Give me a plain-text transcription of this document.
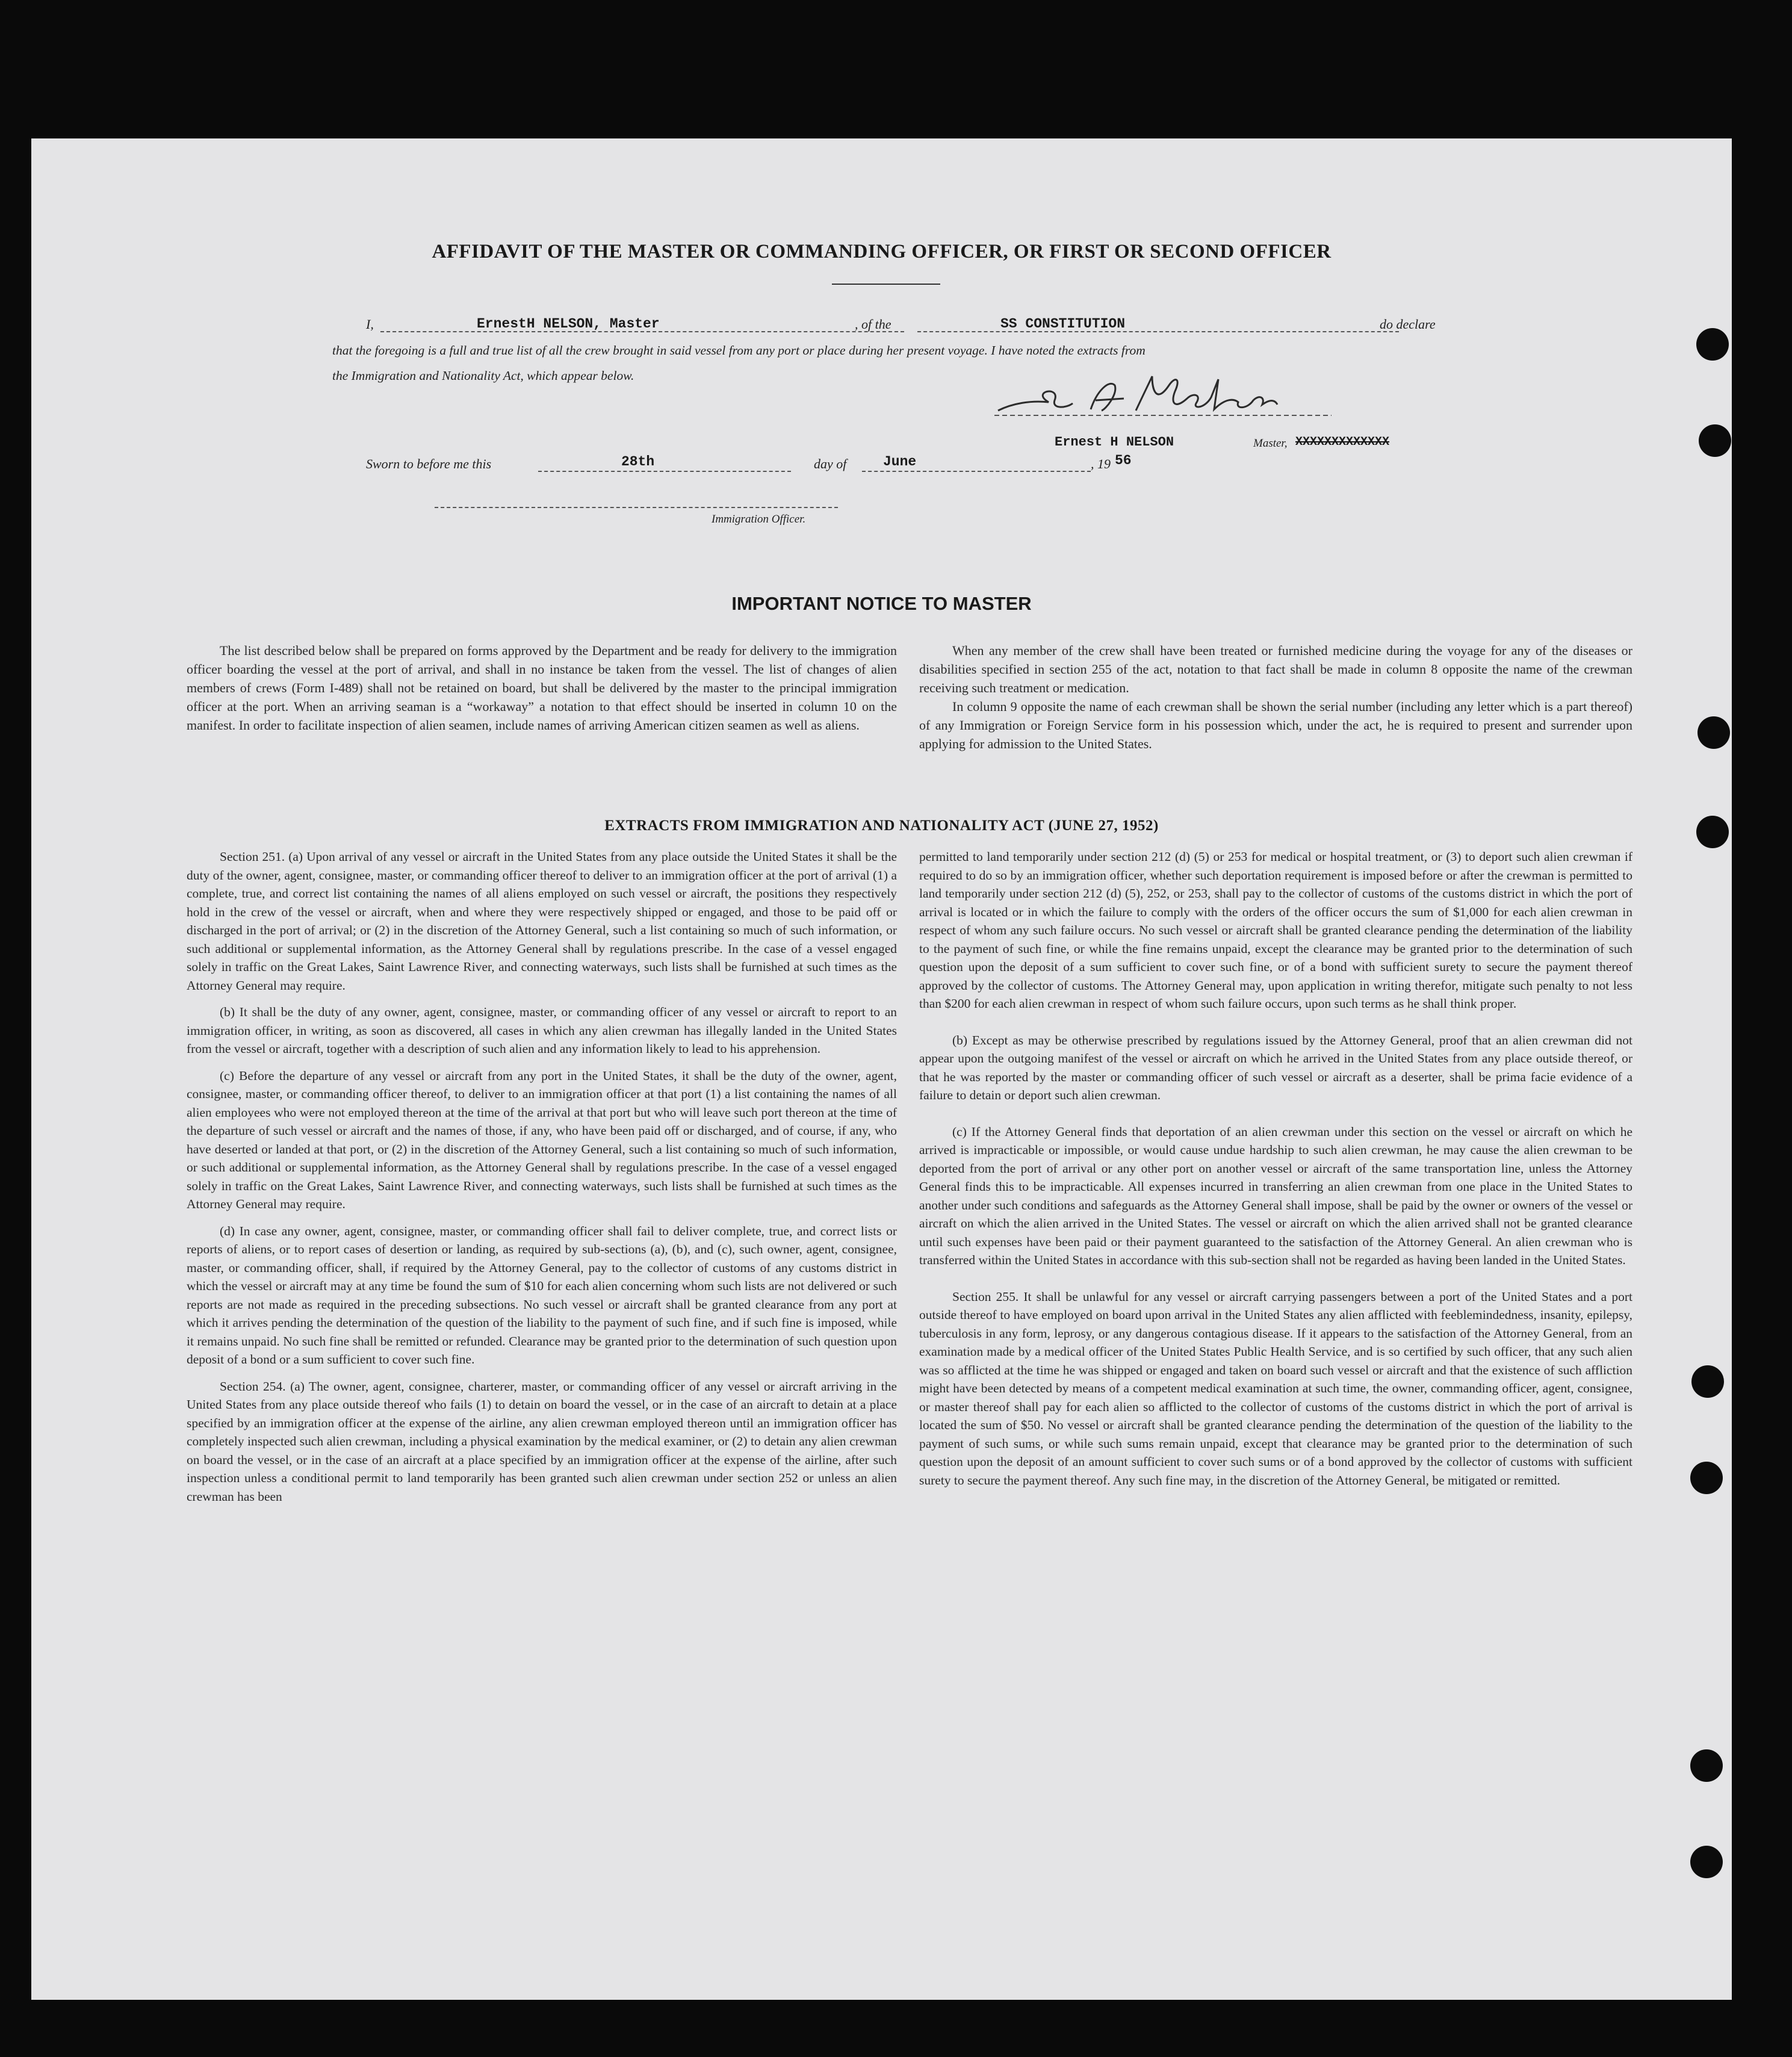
AFFIDAVIT OF THE MASTER OR COMMANDING OFFICER, OR FIRST OR SECOND OFFICER
I,	ErnestH NELSON, Master	, of the	SS CONSTITUTION	do declare
that the foregoing is a full and true list of all the crew brought in said vessel from any port or place during her present voyage. I have noted the extracts from
the Immigration and Nationality Act, which appear below.
Ernest H NELSON	Master, XXXXXXXXXXXXX
Sworn to before me this	28th	day of	June	, 19 56
Immigration Officer.
IMPORTANT NOTICE TO MASTER

The list described below shall be prepared on forms approved by the Department and be ready for delivery to the immigration officer boarding the vessel at the port of arrival, and shall in no instance be taken from the vessel. The list of changes of alien members of crews (Form I-489) shall not be retained on board, but shall be delivered by the master to the principal immigration officer at the port. When an arriving seaman is a “workaway” a notation to that effect should be inserted in column 10 on the manifest. In order to facilitate inspection of alien seamen, include names of arriving American citizen seamen as well as aliens.

When any member of the crew shall have been treated or furnished medicine during the voyage for any of the diseases or disabilities specified in section 255 of the act, notation to that fact shall be made in column 8 opposite the name of the crewman receiving such treatment or medication.

In column 9 opposite the name of each crewman shall be shown the serial number (including any letter which is a part thereof) of any Immigration or Foreign Service form in his possession which, under the act, he is required to present and surrender upon applying for admission to the United States.

EXTRACTS FROM IMMIGRATION AND NATIONALITY ACT (JUNE 27, 1952)

Section 251. (a) Upon arrival of any vessel or aircraft in the United States from any place outside the United States it shall be the duty of the owner, agent, consignee, master, or commanding officer thereof to deliver to an immigration officer at the port of arrival (1) a complete, true, and correct list containing the names of all aliens employed on such vessel or aircraft, the positions they respectively hold in the crew of the vessel or aircraft, when and where they were respectively shipped or engaged, and those to be paid off or discharged in the port of arrival; or (2) in the discretion of the Attorney General, such a list containing so much of such information, or such additional or supplemental information, as the Attorney General shall by regulations prescribe. In the case of a vessel engaged solely in traffic on the Great Lakes, Saint Lawrence River, and connecting waterways, such lists shall be furnished at such times as the Attorney General may require.

(b) It shall be the duty of any owner, agent, consignee, master, or commanding officer of any vessel or aircraft to report to an immigration officer, in writing, as soon as discovered, all cases in which any alien crewman has illegally landed in the United States from the vessel or aircraft, together with a description of such alien and any information likely to lead to his apprehension.

(c) Before the departure of any vessel or aircraft from any port in the United States, it shall be the duty of the owner, agent, consignee, master, or commanding officer thereof, to deliver to an immigration officer at that port (1) a list containing the names of all alien employees who were not employed thereon at the time of the arrival at that port but who will leave such port thereon at the time of the departure of such vessel or aircraft and the names of those, if any, who have been paid off or discharged, and of course, if any, who have deserted or landed at that port, or (2) in the discretion of the Attorney General, such a list containing so much of such information, or such additional or supplemental information, as the Attorney General shall by regulations prescribe. In the case of a vessel engaged solely in traffic on the Great Lakes, Saint Lawrence River, and connecting waterways, such lists shall be furnished at such times as the Attorney General may require.

(d) In case any owner, agent, consignee, master, or commanding officer shall fail to deliver complete, true, and correct lists or reports of aliens, or to report cases of desertion or landing, as required by sub-sections (a), (b), and (c), such owner, agent, consignee, master, or commanding officer, shall, if required by the Attorney General, pay to the collector of customs of any customs district in which the vessel or aircraft may at any time be found the sum of $10 for each alien concerning whom such lists are not delivered or such reports are not made as required in the preceding subsections. No such vessel or aircraft shall be granted clearance from any port at which it arrives pending the determination of the question of the liability to the payment of such fine, and if such fine is imposed, while it remains unpaid. No such fine shall be remitted or refunded. Clearance may be granted prior to the determination of such question upon deposit of a bond or a sum sufficient to cover such fine.

Section 254. (a) The owner, agent, consignee, charterer, master, or commanding officer of any vessel or aircraft arriving in the United States from any place outside thereof who fails (1) to detain on board the vessel, or in the case of an aircraft to detain at a place specified by an immigration officer at the expense of the airline, any alien crewman employed thereon until an immigration officer has completely inspected such alien crewman, including a physical examination by the medical examiner, or (2) to detain any alien crewman on board the vessel, or in the case of an aircraft at a place specified by an immigration officer at the expense of the airline, after such inspection unless a conditional permit to land temporarily has been granted such alien crewman under section 252 or unless an alien crewman has been

permitted to land temporarily under section 212 (d) (5) or 253 for medical or hospital treatment, or (3) to deport such alien crewman if required to do so by an immigration officer, whether such deportation requirement is imposed before or after the crewman is permitted to land temporarily under section 212 (d) (5), 252, or 253, shall pay to the collector of customs of the customs district in which the port of arrival is located or in which the failure to comply with the orders of the officer occurs the sum of $1,000 for each alien crewman in respect of whom any such failure occurs. No such vessel or aircraft shall be granted clearance pending the determination of the liability to the payment of such fine, or while the fine remains unpaid, except the clearance may be granted prior to the determination of such question upon the deposit of a sum sufficient to cover such fine, or of a bond with sufficient surety to secure the payment thereof approved by the collector of customs. The Attorney General may, upon application in writing therefor, mitigate such penalty to not less than $200 for each alien crewman in respect of whom such failure occurs, upon such terms as he shall think proper.

(b) Except as may be otherwise prescribed by regulations issued by the Attorney General, proof that an alien crewman did not appear upon the outgoing manifest of the vessel or aircraft on which he arrived in the United States from any place outside thereof, or that he was reported by the master or commanding officer of such vessel or aircraft as a deserter, shall be prima facie evidence of a failure to detain or deport such alien crewman.

(c) If the Attorney General finds that deportation of an alien crewman under this section on the vessel or aircraft on which he arrived is impracticable or impossible, or would cause undue hardship to such alien crewman, he may cause the alien crewman to be deported from the port of arrival or any other port on another vessel or aircraft of the same transportation line, unless the Attorney General finds this to be impracticable. All expenses incurred in transferring an alien crewman from one place in the United States to another under such conditions and safeguards as the Attorney General shall impose, shall be paid by the owner or owners of the vessel or aircraft on which the alien arrived in the United States. The vessel or aircraft on which the alien arrived shall not be granted clearance until such expenses have been paid or their payment guaranteed to the satisfaction of the Attorney General. An alien crewman who is transferred within the United States in accordance with this sub-section shall not be regarded as having been landed in the United States.

Section 255. It shall be unlawful for any vessel or aircraft carrying passengers between a port of the United States and a port outside thereof to have employed on board upon arrival in the United States any alien afflicted with feeblemindedness, insanity, epilepsy, tuberculosis in any form, leprosy, or any dangerous contagious disease. If it appears to the satisfaction of the Attorney General, from an examination made by a medical officer of the United States Public Health Service, and is so certified by such officer, that any such alien was so afflicted at the time he was shipped or engaged and taken on board such vessel or aircraft and that the existence of such affliction might have been detected by means of a competent medical examination at such time, the owner, commanding officer, agent, consignee, or master thereof shall pay for each alien so afflicted to the collector of customs of the customs district in which the port of arrival is located the sum of $50. No vessel or aircraft shall be granted clearance pending the determination of the question of the liability to the payment of such sums, or while such sums remain unpaid, except that clearance may be granted prior to the determination of such question upon the deposit of an amount sufficient to cover such sums or of a bond approved by the collector of customs with sufficient surety to secure the payment thereof. Any such fine may, in the discretion of the Attorney General, be mitigated or remitted.
